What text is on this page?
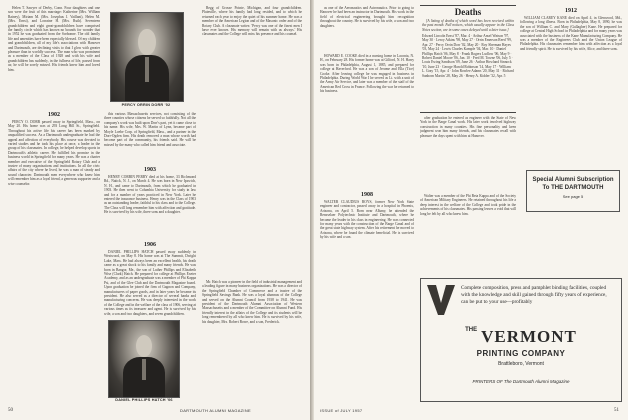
Helen T. Sawyer of Derby, Conn. Four daughters and one son were the fruit of this marriage: Katherine (Mrs. William Rainey), Miriam M. (Mrs. Josephus J. Vaillant), Helen M. (Mrs. Ernst), and Lorraine H. (Mrs. Ruth). Seventeen grandchildren and eight great-grandchildren have comprised the family circle which has known no bounds for wonder that in 1952 he was graduated from the Sorbonne. The old family life and amenities have been especially blessed. Of my children and grandchildren, all of my life's associations with Hanover and Dartmouth, are declining visits to that I glow with greater pleasure than in worldly success. The man who was prominent as a member of the Class of 1928 and with his wife and grandchildren has suddenly, in the fullness of life, passed from us; he will be sorely missed. His friends knew him and loved him.

1902

PERCY O. DORR passed away in Springfield, Mass., on May 20. His home was at 293 Long Hill St., Springfield. Throughout his active life his career has been marked by unqualified success. As a Dartmouth undergraduate he had the appeal and affection of everybody. His course was devoted to varied studies and he took his place at once, a leader in the group of his classmates. In college, he helped develop sports in Dartmouth's athletic career. He fulfilled his promise in the business world in Springfield for many years. He was a charter member and executive of the Springfield Rotary Club and a trustee of many organizations and institutions. In all the civic affairs of the city where he lived, he was a man of steady and sound character. Dartmouth men everywhere who knew him will remember him as a loyal friend, a generous supporter and a wise counselor.

PERCY ORRIN DORR '02

this various Massachusetts services, not consisting of the three counties whose citizens he served so faithfully. Not all the company's work was built upon Dorr's part, yet it came close to his name. His wife, Mrs. W. Martin of Lynn, became part of Moyle Loebe Corp. of Springfield, Mass., and a partner in the Dorr-Ogden firm. His death removed a man whose worth had become part of the community, his friends said. He will be missed by the many who called him friend and associate.

1903

HENRY CORBIN PERRY died at his home, 33 Richmond Rd., Natick, N. J., on March 4. He was born in New Ipswich, N. H., and came to Dartmouth, from which he graduated in 1903. He then went to Columbia University for study in law and for a number of years practiced in New York. Later he entered the insurance business. Henry was in the Class of 1903 as an outstanding leader, faithful to his class and to the College. The Class will long remember him with affection and gratitude. He is survived by his wife, three sons and a daughter.

1906

DANIEL PHILLIPS HATCH passed away suddenly in Westwood, on May 8. His home was at The Summit, Dwight Lake, Mass. He had always been an excellent health, his death came as a great shock to his family and many friends. He was born in Bangor, Me., the son of Luther Phillips and Elizabeth Wise (Clark) Hatch. He prepared for college at Phillips Exeter Academy, and as an undergraduate was a member of Phi Kappa Psi, and of the Glee Club and the Dartmouth Magazine board. Upon graduation he joined the firm of Gagnon and Company, manufacturers of paper goods, and in later years he became its president. He also served as a director of several banks and manufacturing concerns. He was deeply interested in the work of the College and in the welfare of the class of 1906, serving at various times as its treasurer and agent. He is survived by his wife, a son and two daughters, and seven grandchildren.

Regg of Grosse Pointe, Michigan, and four grandchildren. Plainville, where his family had long resided, and to which he returned each year to enjoy the quiet of his summer home. He was a member of the American Legion and of the Masonic order and of the Rotary Club. A classmate writes: 'Percy was one of the finest men I have ever known. His memory will remain with us always.' His classmates and the College will miss his presence and his counsel.

DANIEL PHILLIPS HATCH '06

Mr. Hatch was a pioneer in the field of industrial management and a leading figure in many business organizations. He was a director of the Springfield Chamber of Commerce and a trustee of the Springfield Savings Bank. He was a loyal alumnus of the College and served on the Alumni Council from 1938 to 1941. He was president of the Dartmouth Alumni Association of Western Massachusetts and a member of the Committee on Alumni Fund. His friendly interest in the affairs of the College and its students will be long remembered by all who knew him. He is survived by his wife, his daughter, Mrs. Robert Bowe, and a son, Frederick.

50	DARTMOUTH ALUMNI MAGAZINE

as one of the Aeronautics and Astronautics. Prior to going to Hanover he had been an instructor in Dartmouth. His work in the field of electrical engineering brought him recognition throughout the country. He is survived by his wife, a son and two daughters.

HOWARD E. COOKE died in a nursing home in Laconia, N. H., on February 28. His former home was at Gilford, N. H. Harry was born in Philadelphia, August 1, 1885, and prepared for college at Haverford. He was a son of Jerome and Ella (Tice) Cooke. After leaving college he was engaged in business in Philadelphia. During World War I he served as Lt. with a unit of the Army Air Service, and later was a member of the staff of the American Red Cross in France. Following the war he returned to his business.

1908

WALTER CLAUDIUS ROYS, former New York State engineer and contractor, passed away in a hospital in Phoenix, Arizona, on April 5. Born near Albany, he attended the Rensselaer Polytechnic Institute and Dartmouth, where he became the leader in his class in engineering. He was connected for many years with the construction of the Barge Canal and of the great state highway system. After his retirement he moved to Arizona, where he found the climate beneficial. He is survived by his wife and a son.

Deaths

[A listing of deaths of which word has been received within the past month. Full notices, which usually appear in the Class Notes section, are in some cases delayed until a later issue.]

Edward Lincoln Ernst '87, Mar. 4 · Arthur Ansel Watson '97, May 30 · Leroy Atkins '98, May 27 · Orrin Emerson Reed '99, Apr. 27 · Percy Orrin Dorr '02, May 20 · Roy Sherman Hayes '03, May 24 · Lewis Charles Kampfe '04, Mar. 10 · Daniel Phillips Hatch '06, May 8 · Frank Rogers Ludlow '06, May 9 · Robert Daniel Moore '06, Jan. 10 · Fred M. Towne '06, July 5 · Louis Ewing Sandison '09, June 26 · Arthur Howland Sinnock '10, June 23 · George Harold Robinson '14, May 17 · William L. Gray '15, Apr. 4 · John Rowlee Adams '20, May 31 · Richard Sanborn Martin '28, May 26 · Henry A. Kidder '32, Apr. 5

after graduation he entered as engineer with the State of New York in the Barge Canal work. His later work involved highway construction in many counties. His fine personality and keen judgment won him many friends, and his classmates recall with pleasure the days spent with him at Hanover.

Walter was a member of the Phi Beta Kappa and of the Society of American Military Engineers. He retained throughout his life a deep interest in the welfare of the College and took pride in the achievements of his classmates. His passing leaves a void that will long be felt by all who knew him.

1912

WILLIAM CLAREY KANE died on April 4, in Glenwood, Md., following a long illness. Born in Philadelphia, May 8, 1890, he was the son of William C. and Mary (Gallagher) Kane. He prepared for college at Central High School in Philadelphia and for many years was associated with the business of the Kane Manufacturing Company. He was a member of the Engineers Club and the Union League of Philadelphia. His classmates remember him with affection as a loyal and friendly spirit. He is survived by his wife, Alice, and three sons.

Special Alumni Subscription
To THE DARTMOUTH
See page 5
Complete composition, press and pamphlet binding facilities, coupled with the knowledge and skill gained through fifty years of experience, can be put to your use—profitably
$^{THE}$ VERMONT
PRINTING COMPANY
Brattleboro, Vermont
PRINTERS OF The Dartmouth Alumni Magazine
ISSUE of JULY 1957	51
